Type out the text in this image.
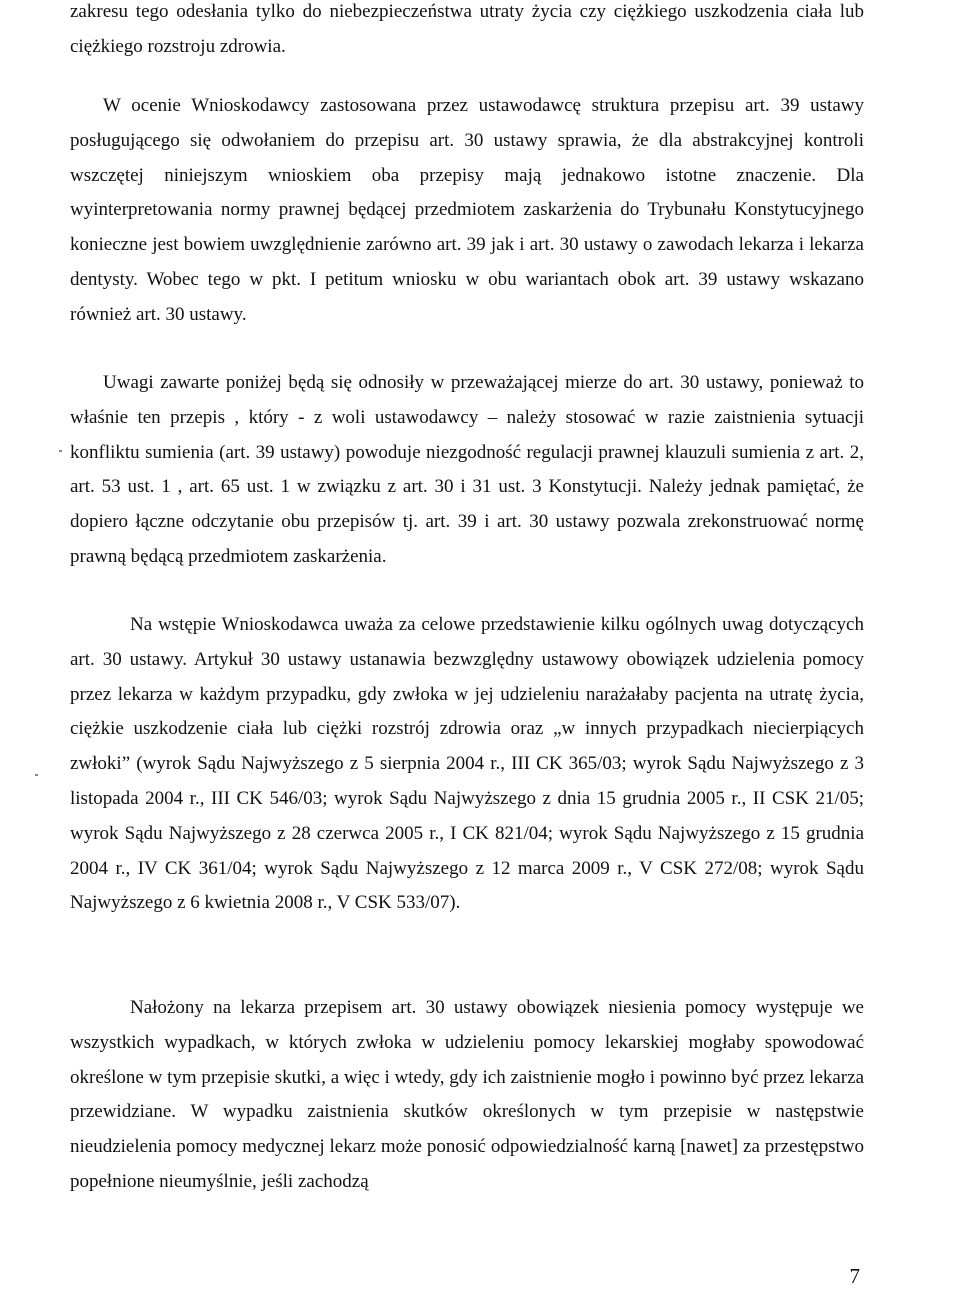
zakresu tego odesłania tylko do niebezpieczeństwa utraty życia czy ciężkiego uszkodzenia ciała lub ciężkiego rozstroju zdrowia.

W ocenie Wnioskodawcy zastosowana przez ustawodawcę struktura przepisu art. 39 ustawy posługującego się odwołaniem do przepisu art. 30 ustawy sprawia, że dla abstrakcyjnej kontroli wszczętej niniejszym wnioskiem oba przepisy mają jednakowo istotne znaczenie. Dla wyinterpretowania normy prawnej będącej przedmiotem zaskarżenia do Trybunału Konstytucyjnego konieczne jest bowiem uwzględnienie zarówno art. 39 jak i art. 30 ustawy o zawodach lekarza i lekarza dentysty. Wobec tego w pkt. I petitum wniosku w obu wariantach obok art. 39 ustawy wskazano również art. 30 ustawy.

Uwagi zawarte poniżej będą się odnosiły w przeważającej mierze do art. 30 ustawy, ponieważ to właśnie ten przepis , który - z woli ustawodawcy – należy stosować w razie zaistnienia sytuacji konfliktu sumienia (art. 39 ustawy) powoduje niezgodność regulacji prawnej klauzuli sumienia z art. 2, art. 53 ust. 1 , art. 65 ust. 1 w związku z art. 30 i 31 ust. 3 Konstytucji. Należy jednak pamiętać, że dopiero łączne odczytanie obu przepisów tj. art. 39 i art. 30 ustawy pozwala zrekonstruować normę prawną będącą przedmiotem zaskarżenia.

Na wstępie Wnioskodawca uważa za celowe przedstawienie kilku ogólnych uwag dotyczących art. 30 ustawy. Artykuł 30 ustawy ustanawia bezwzględny ustawowy obowiązek udzielenia pomocy przez lekarza w każdym przypadku, gdy zwłoka w jej udzieleniu narażałaby pacjenta na utratę życia, ciężkie uszkodzenie ciała lub ciężki rozstrój zdrowia oraz „w innych przypadkach niecierpiących zwłoki” (wyrok Sądu Najwyższego z 5 sierpnia 2004 r., III CK 365/03; wyrok Sądu Najwyższego z 3 listopada 2004 r., III CK 546/03; wyrok Sądu Najwyższego z dnia 15 grudnia 2005 r., II CSK 21/05; wyrok Sądu Najwyższego z 28 czerwca 2005 r., I CK 821/04; wyrok Sądu Najwyższego z 15 grudnia 2004 r., IV CK 361/04; wyrok Sądu Najwyższego z 12 marca 2009 r., V CSK 272/08; wyrok Sądu Najwyższego z 6 kwietnia 2008 r., V CSK 533/07).

Nałożony na lekarza przepisem art. 30 ustawy obowiązek niesienia pomocy występuje we wszystkich wypadkach, w których zwłoka w udzieleniu pomocy lekarskiej mogłaby spowodować określone w tym przepisie skutki, a więc i wtedy, gdy ich zaistnienie mogło i powinno być przez lekarza przewidziane. W wypadku zaistnienia skutków określonych w tym przepisie w następstwie nieudzielenia pomocy medycznej lekarz może ponosić odpowiedzialność karną [nawet] za przestępstwo popełnione nieumyślnie, jeśli zachodzą

7
